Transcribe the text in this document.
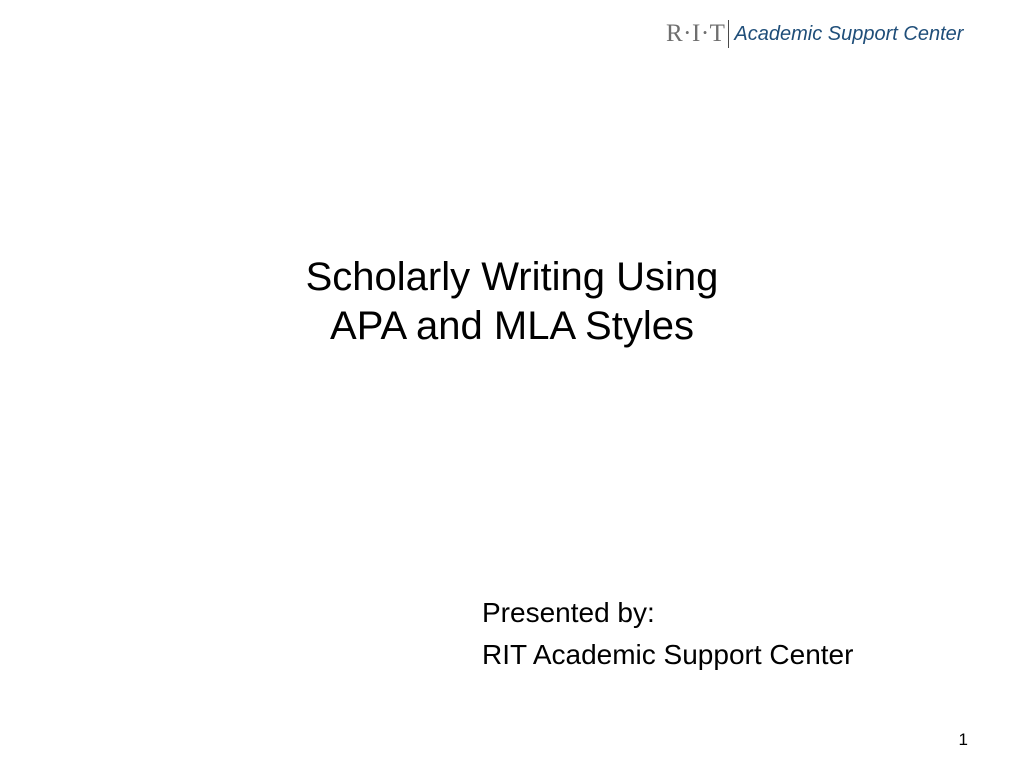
R·I·T Academic Support Center
Scholarly Writing Using
APA and MLA Styles
Presented by:
RIT Academic Support Center
1
